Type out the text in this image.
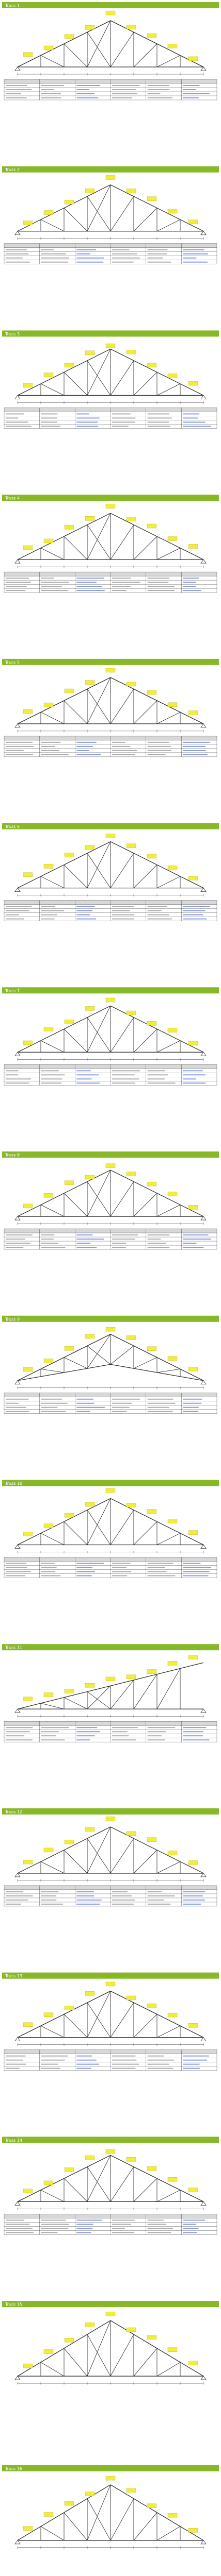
Truss 1
Truss 2
Truss 3
Truss 4
Truss 5
Truss 6
Truss 7
Truss 8
Truss 9
Truss 10
Truss 11
Truss 12
Truss 13
Truss 14
Truss 15
Truss 16
